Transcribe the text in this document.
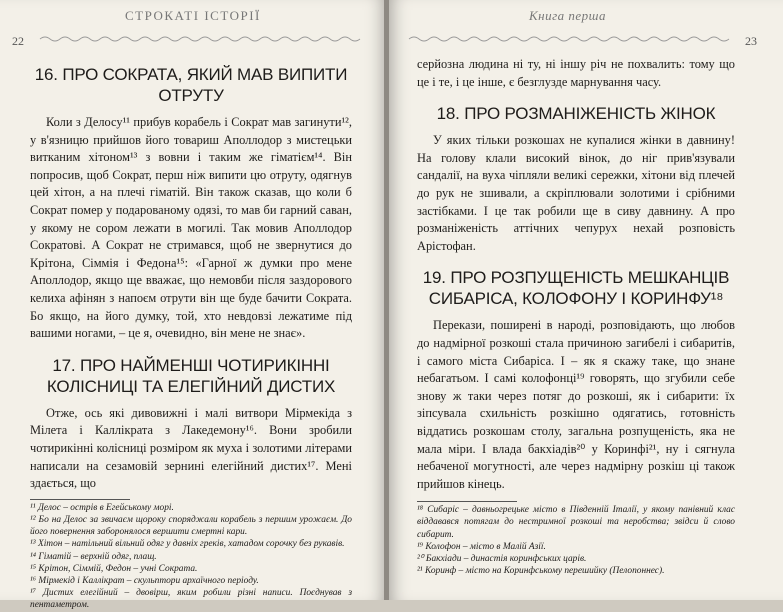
СТРОКАТІ ІСТОРІЇ
22
16. ПРО СОКРАТА, ЯКИЙ МАВ ВИПИТИ ОТРУТУ

Коли з Делосу¹¹ прибув корабель і Сократ мав загинути¹², у в'язницю прийшов його товариш Аполлодор з мистецьки витканим хітоном¹³ з вовни і таким же гіматієм¹⁴. Він попросив, щоб Сократ, перш ніж випити цю отруту, одягнув цей хітон, а на плечі гіматій. Він також сказав, що коли б Сократ помер у подарованому одязі, то мав би гарний саван, у якому не сором лежати в могилі. Так мовив Аполлодор Сократові. А Сократ не стримався, щоб не звернутися до Крітона, Сіммія і Федона¹⁵: «Гарної ж думки про мене Аполлодор, якщо ще вважає, що немовби після заздорового келиха афінян з напоєм отрути він ще буде бачити Сократа. Бо якщо, на його думку, той, хто невдовзі лежатиме під вашими ногами, – це я, очевидно, він мене не знає».

17. ПРО НАЙМЕНШІ ЧОТИРИКІННІ КОЛІСНИЦІ ТА ЕЛЕГІЙНИЙ ДИСТИХ

Отже, ось які дивовижні і малі витвори Мірмекіда з Мілета і Каллікрата з Лакедемону¹⁶. Вони зробили чотирикінні колісниці розміром як муха і золотими літерами написали на сезамовій зернині елегійний дистих¹⁷. Мені здається, що

¹¹ Делос – острів в Егейському морі.

¹² Бо на Делос за звичаєм щороку споряджали корабель з першим урожаєм. До його повернення заборонялося вершити смертні кари.

¹³ Хітон – натільний вільний одяг у давніх греків, хатадом сорочку без рукавів.

¹⁴ Гіматій – верхній одяг, плащ.

¹⁵ Крітон, Сіммій, Федон – учні Сократа.

¹⁶ Мірмекід і Каллікрат – скульптори архаїчного періоду.

¹⁷ Дистих елегійний – двовірш, яким робили різні написи. Поєднував з пентаметром.

Книга перша
23

серйозна людина ні ту, ні іншу річ не похвалить: тому що це і те, і це інше, є безглузде марнування часу.

18. ПРО РОЗМАНІЖЕНІСТЬ ЖІНОК

У яких тільки розкошах не купалися жінки в давнину! На голову клали високий вінок, до ніг прив'язували сандалії, на вуха чіпляли великі сережки, хітони від плечей до рук не зшивали, а скріплювали золотими і срібними застібками. І це так робили ще в сиву давнину. А про розманіженість аттічних чепурух нехай розповість Арістофан.

19. ПРО РОЗПУЩЕНІСТЬ МЕШКАНЦІВ СИБАРІСА, КОЛОФОНУ І КОРИНФУ¹⁸

Перекази, поширені в народі, розповідають, що любов до надмірної розкоші стала причиною загибелі і сибаритів, і самого міста Сибаріса. І – як я скажу таке, що знане небагатьом. І самі колофонці¹⁹ говорять, що згубили себе знову ж таки через потяг до розкоші, як і сибарити: їх зіпсувала схильність розкішно одягатись, готовність віддатись розкошам столу, загальна розпущеність, яка не мала міри. І влада бакхіадів²⁰ у Коринфі²¹, ну і сягнула небаченої могутності, але через надмірну розкіш ці також прийшов кінець.

¹⁸ Сибаріс – давньогрецьке місто в Південній Італії, у якому панівний клас віддавався потягам до нестримної розкоші та неробства; звідси й слово сибарит.

¹⁹ Колофон – місто в Малій Азії.

²⁰ Бакхіади – династія коринфських царів.

²¹ Коринф – місто на Коринфському перешийку (Пелопоннес).
